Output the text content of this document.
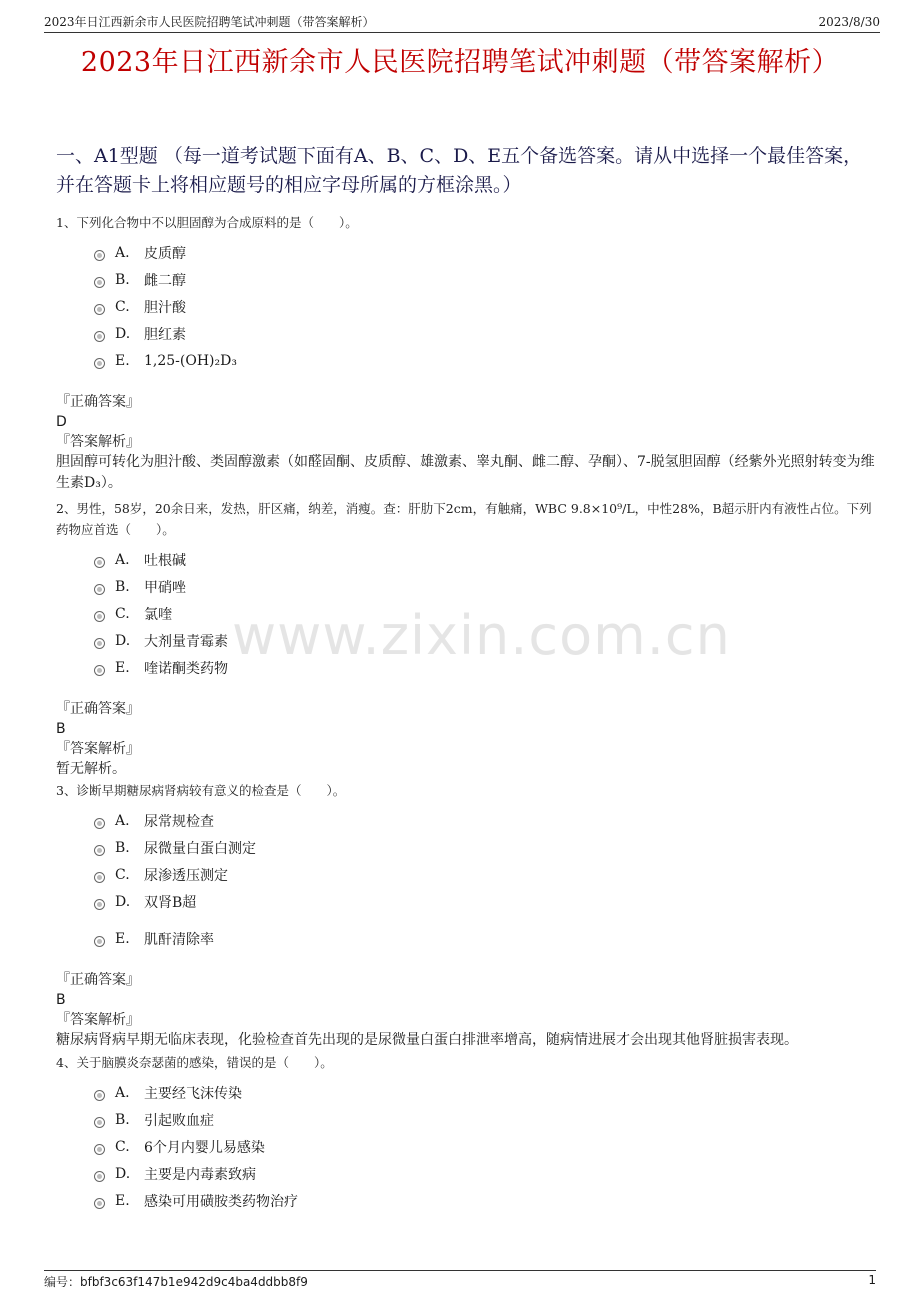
2023年日江西新余市人民医院招聘笔试冲刺题（带答案解析）	2023/8/30
2023年日江西新余市人民医院招聘笔试冲刺题（带答案解析）
一、A1型题 （每一道考试题下面有A、B、C、D、E五个备选答案。请从中选择一个最佳答案，并在答题卡上将相应题号的相应字母所属的方框涂黑。）
1、下列化合物中不以胆固醇为合成原料的是（　　）。
A.	皮质醇
B.	雌二醇
C.	胆汁酸
D. 胆红素
E.	1,25-(OH)₂D₃
『正确答案』
D
『答案解析』
胆固醇可转化为胆汁酸、类固醇激素（如醛固酮、皮质醇、雄激素、睾丸酮、雌二醇、孕酮）、7-脱氢胆固醇（经紫外光照射转变为维生素D₃）。
2、男性，58岁，20余日来，发热，肝区痛，纳差，消瘦。查：肝肋下2cm，有触痛，WBC 9.8×10⁹/L，中性28%，B超示肝内有液性占位。下列药物应首选（　　）。
A.	吐根碱
B.	甲硝唑
C.	氯喹
D. 大剂量青霉素
E.	喹诺酮类药物
『正确答案』
B
『答案解析』
暂无解析。
3、诊断早期糖尿病肾病较有意义的检查是（　　）。
A.	尿常规检查
B.	尿微量白蛋白测定
C.	尿渗透压测定
D. 双肾B超
E.	肌酐清除率
『正确答案』
B
『答案解析』
糖尿病肾病早期无临床表现，化验检查首先出现的是尿微量白蛋白排泄率增高，随病情进展才会出现其他肾脏损害表现。
4、关于脑膜炎奈瑟菌的感染，错误的是（　　）。
A.	主要经飞沫传染
B.	引起败血症
C.	6个月内婴儿易感染
D. 主要是内毒素致病
E.	感染可用磺胺类药物治疗
www.zixin.com.cn
编号：bfbf3c63f147b1e942d9c4ba4ddbb8f9	1
